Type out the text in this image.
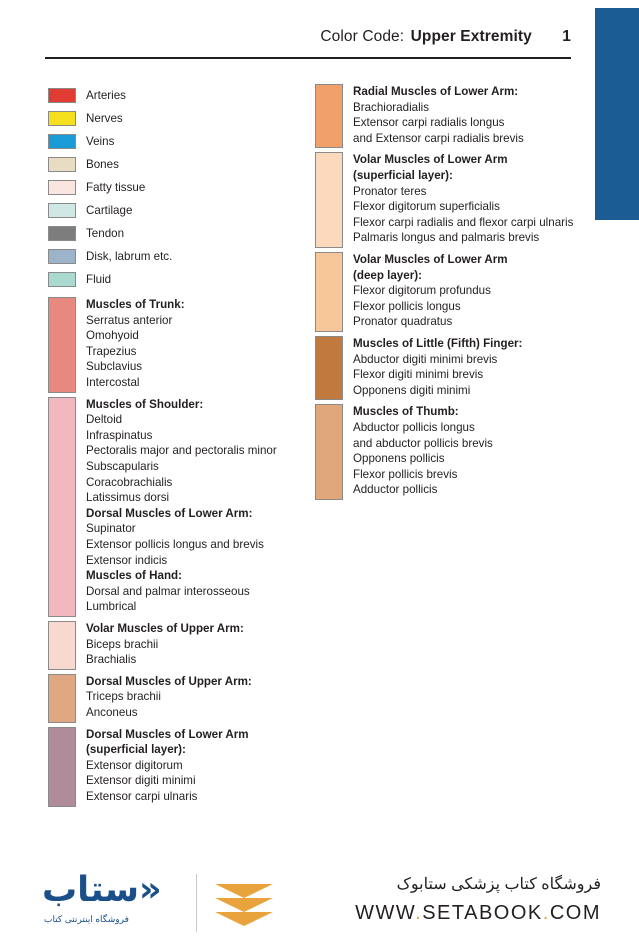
Color Code: Upper Extremity 1
Arteries
Nerves
Veins
Bones
Fatty tissue
Cartilage
Tendon
Disk, labrum etc.
Fluid
Muscles of Trunk:
Serratus anterior
Omohyoid
Trapezius
Subclavius
Intercostal
Muscles of Shoulder:
Deltoid
Infraspinatus
Pectoralis major and pectoralis minor
Subscapularis
Coracobrachialis
Latissimus dorsi
Dorsal Muscles of Lower Arm:
Supinator
Extensor pollicis longus and brevis
Extensor indicis
Muscles of Hand:
Dorsal and palmar interosseous
Lumbrical
Volar Muscles of Upper Arm:
Biceps brachii
Brachialis
Dorsal Muscles of Upper Arm:
Triceps brachii
Anconeus
Dorsal Muscles of Lower Arm
(superficial layer):
Extensor digitorum
Extensor digiti minimi
Extensor carpi ulnaris
Radial Muscles of Lower Arm:
Brachioradialis
Extensor carpi radialis longus
and Extensor carpi radialis brevis
Volar Muscles of Lower Arm
(superficial layer):
Pronator teres
Flexor digitorum superficialis
Flexor carpi radialis and flexor carpi ulnaris
Palmaris longus and palmaris brevis
Volar Muscles of Lower Arm
(deep layer):
Flexor digitorum profundus
Flexor pollicis longus
Pronator quadratus
Muscles of Little (Fifth) Finger:
Abductor digiti minimi brevis
Flexor digiti minimi brevis
Opponens digiti minimi
Muscles of Thumb:
Abductor pollicis longus
and abductor pollicis brevis
Opponens pollicis
Flexor pollicis brevis
Adductor pollicis
«ستاب
فروشگاه اینترنتی کتاب
فروشگاه کتاب پزشکی ستابوک
WWW.SETABOOK.COM
